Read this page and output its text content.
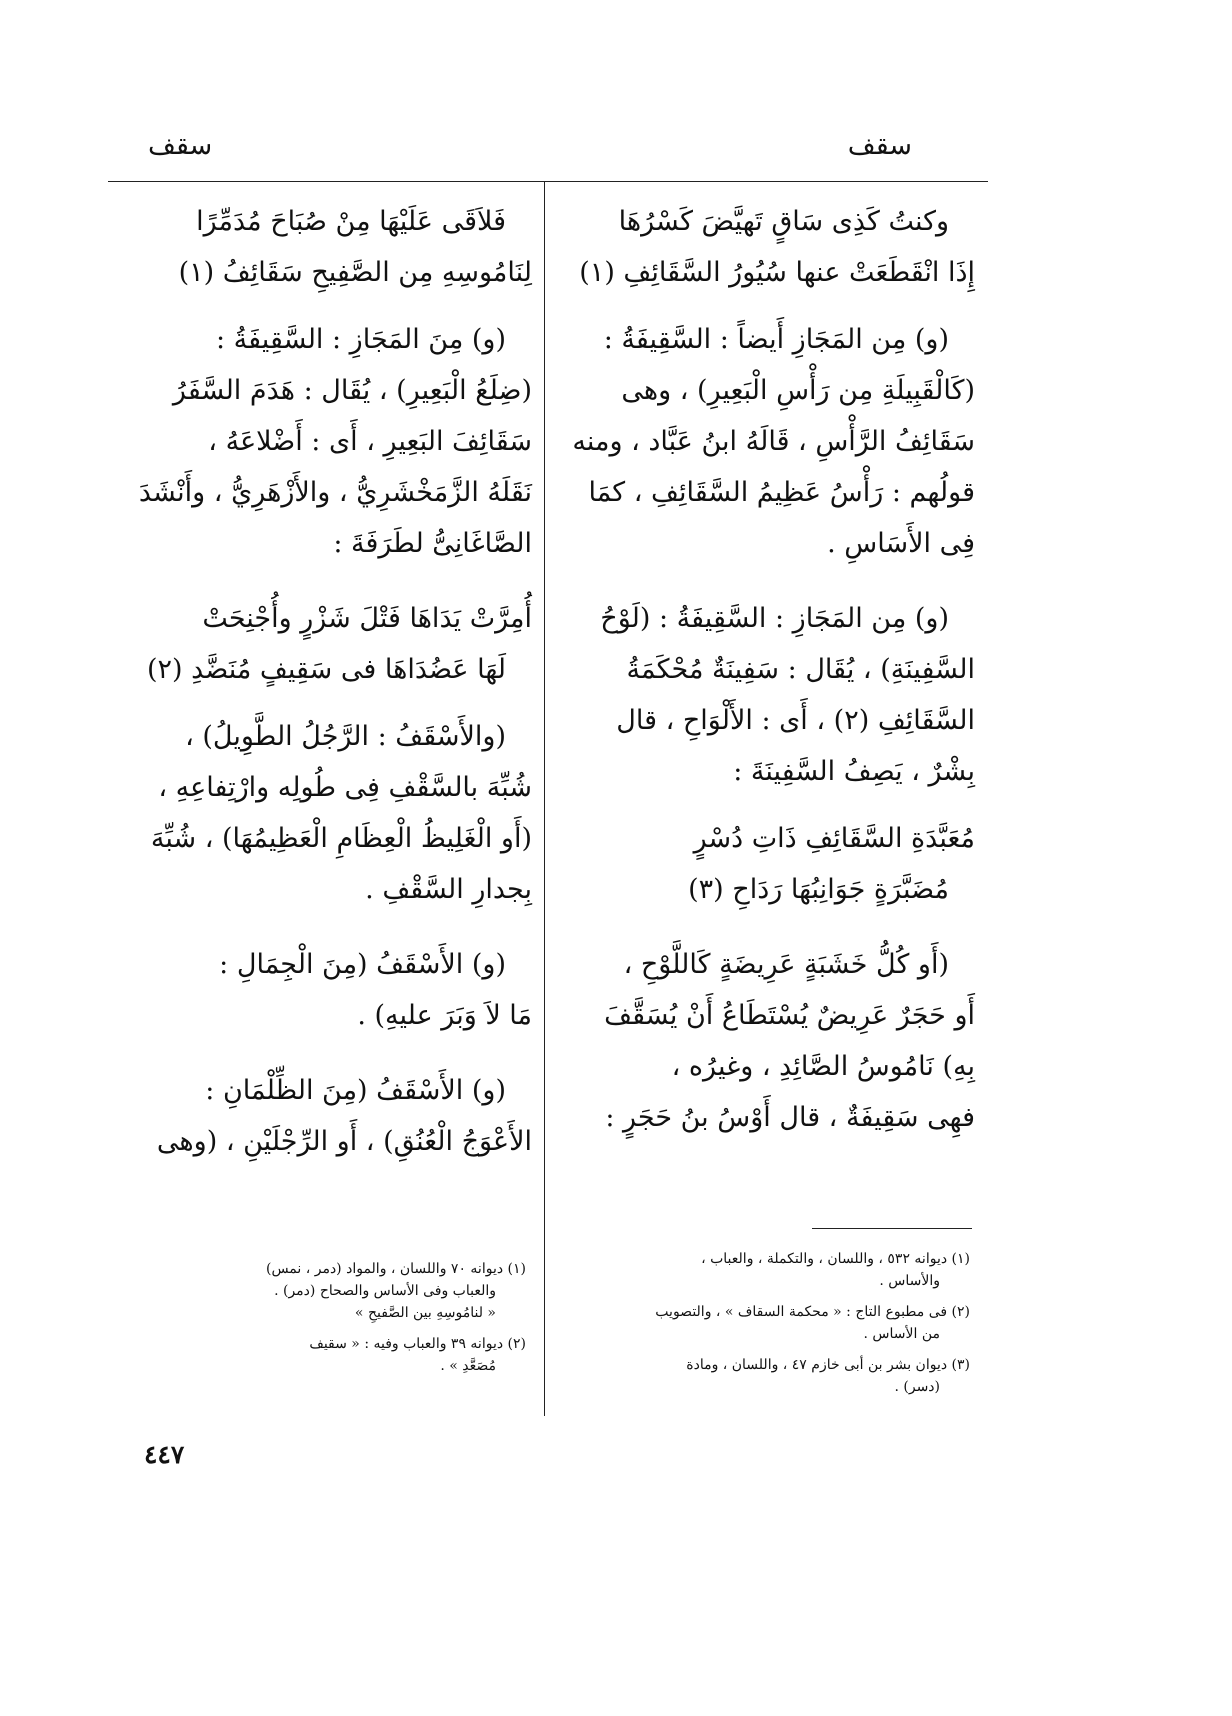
سقف
سقف
وكنتُ كَذِى سَاقٍ تَهيَّضَ كَسْرُهَا
إِذَا انْقَطَعَتْ عنها سُيُورُ السَّقَائِفِ (١)
(و) مِن المَجَازِ أَيضاً : السَّقِيفَةُ :
(كَالْقَبِيلَةِ مِن رَأْسِ الْبَعِيرِ) ، وهى
سَقَائِفُ الرَّأْسِ ، قَالَهُ ابنُ عَبَّاد ، ومنه
قولُهم : رَأْسُ عَظِيمُ السَّقَائِفِ ، كمَا
فِى الأَسَاسِ .
(و) مِن المَجَازِ : السَّقِيفَةُ : (لَوْحُ
السَّفِينَةِ) ، يُقَال : سَفِينَةٌ مُحْكَمَةُ
السَّقَائِفِ (٢) ، أَى : الأَلْوَاحِ ، قال
بِشْرٌ ، يَصِفُ السَّفِينَةَ :
مُعَبَّدَةِ السَّقَائِفِ ذَاتِ دُسْرٍ
مُضَبَّرَةٍ جَوَانِبُهَا رَدَاحِ (٣)
(أَو كُلُّ خَشَبَةٍ عَرِيضَةٍ كَاللَّوْحِ ،
أَو حَجَرٌ عَرِيضٌ يُسْتَطَاعُ أَنْ يُسَقَّفَ
بِهِ) نَامُوسُ الصَّائِدِ ، وغيرُه ،
فهِى سَقِيفَةٌ ، قال أَوْسُ بنُ حَجَرٍ :
فَلاَقَى عَلَيْهَا مِنْ صُبَاحَ مُدَمِّرًا
لِنَامُوسِهِ مِن الصَّفِيحِ سَقَائِفُ (١)
(و) مِنَ المَجَازِ : السَّقِيفَةُ :
(ضِلَعُ الْبَعِيرِ) ، يُقَال : هَدَمَ السَّفَرُ
سَقَائِفَ البَعِيرِ ، أَى : أَضْلاعَهُ ،
نَقَلَهُ الزَّمَخْشَرِيُّ ، والأَزْهَرِيُّ ، وأَنْشَدَ
الصَّاغَانِىُّ لطَرَفَةَ :
أُمِرَّتْ يَدَاهَا فَتْلَ شَزْرٍ وأُجْنِحَتْ
لَهَا عَضُدَاهَا فى سَقِيفٍ مُنَضَّدِ (٢)
(والأَسْقَفُ : الرَّجُلُ الطَّوِيلُ) ،
شُبِّهَ بالسَّقْفِ فِى طُولِه وارْتِفاعِهِ ،
(أَو الْغَلِيظُ الْعِظَامِ الْعَظِيمُهَا) ، شُبِّهَ
بِجدارِ السَّقْفِ .
(و) الأَسْقَفُ (مِنَ الْجِمَالِ :
مَا لاَ وَبَرَ عليهِ) .
(و) الأَسْقَفُ (مِنَ الظِّلْمَانِ :
الأَعْوَجُ الْعُنُقِ) ، أَو الرِّجْلَيْنِ ، (وهى

(١) ديوانه ٥٣٢ ، واللسان ، والتكملة ، والعباب ،

والأساس .

(٢) فى مطبوع التاج : « محكمة السقاف » ، والتصويب

من الأساس .

(٣) ديوان بشر بن أبى خازم ٤٧ ، واللسان ، ومادة

(دسر) .

(١) ديوانه ٧٠ واللسان ، والمواد (دمر ، نمس)

والعباب وفى الأساس والصحاح (دمر) .

« لنامُوسِهِ بين الصَّفيحِ »

(٢) ديوانه ٣٩ والعباب وفيه : « سقيف

مُصَعَّدِ » .

٤٤٧
